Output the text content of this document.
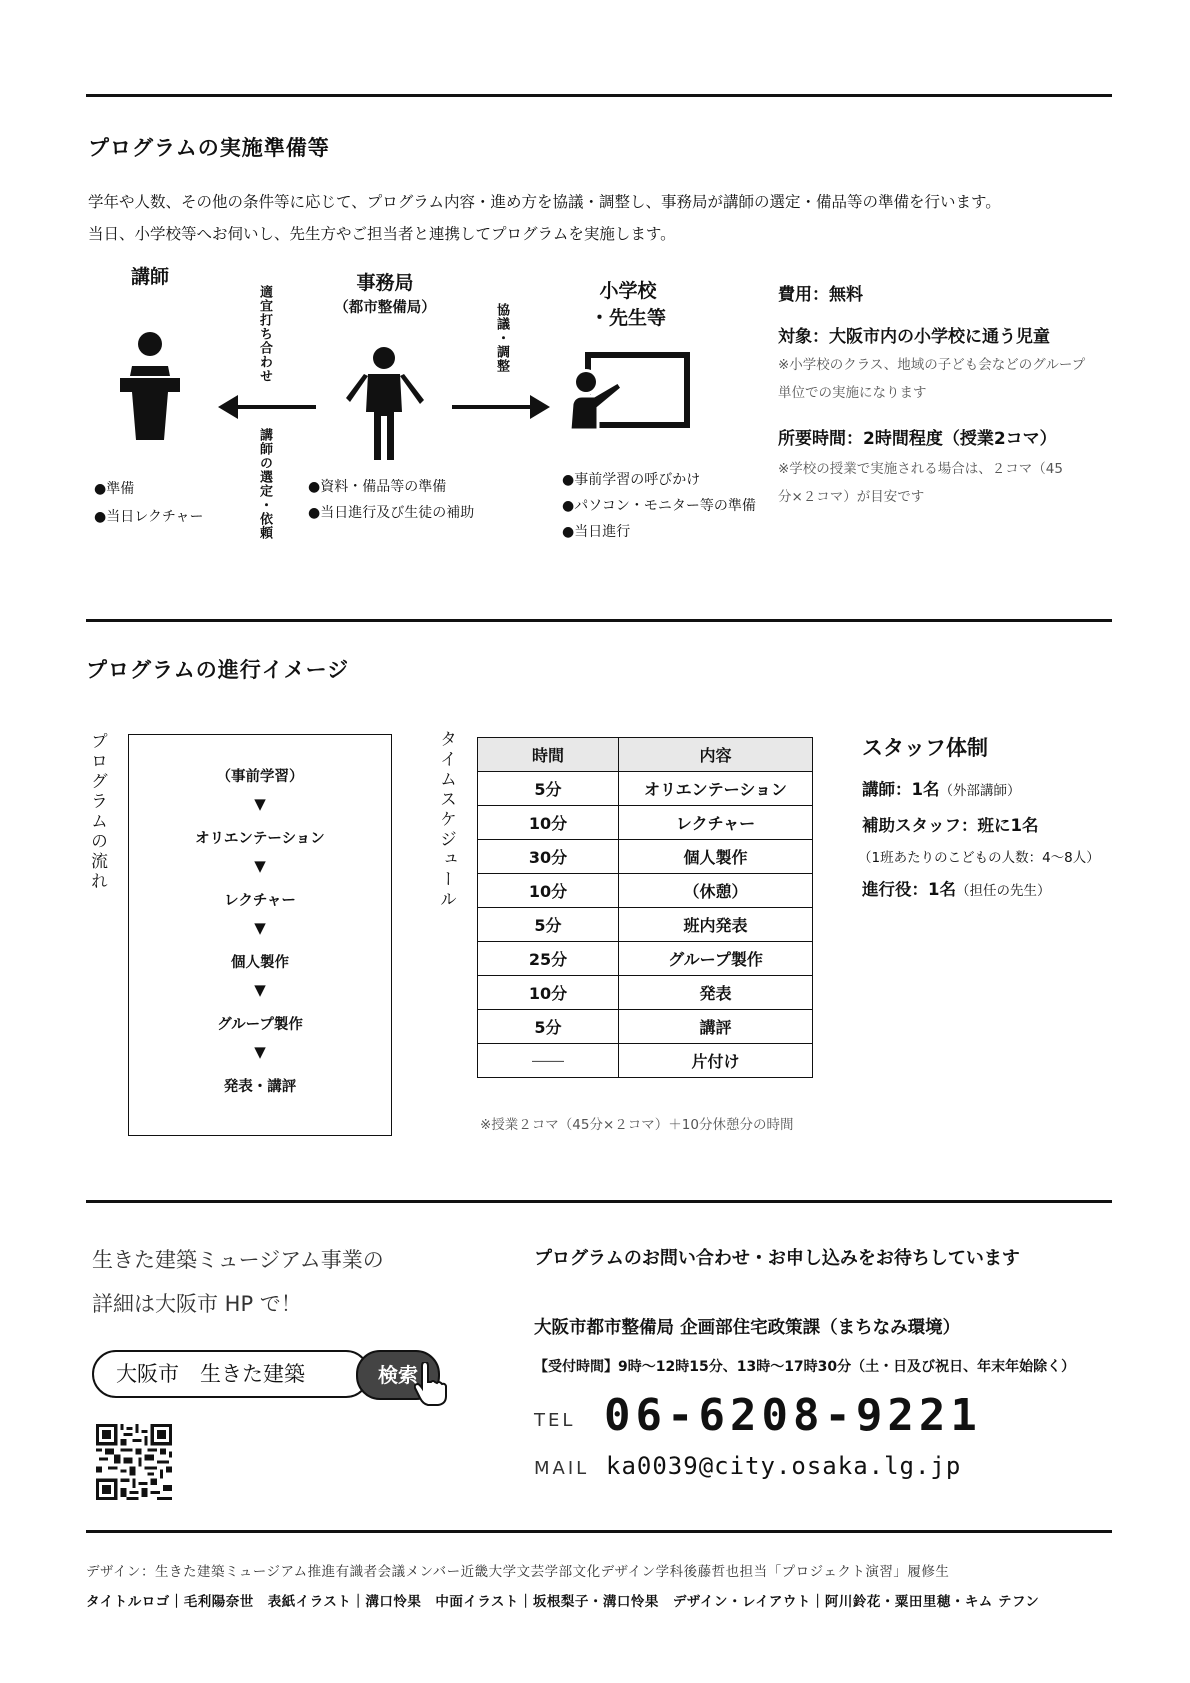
プログラムの実施準備等
学年や人数、その他の条件等に応じて、プログラム内容・進め方を協議・調整し、事務局が講師の選定・備品等の準備を行います。
当日、小学校等へお伺いし、先生方やご担当者と連携してプログラムを実施します。
講師
●準備
●当日レクチャー
適宜打ち合わせ
講師の選定・依頼
事務局
（都市整備局）
●資料・備品等の準備
●当日進行及び生徒の補助
協議・調整
小学校
・先生等
●事前学習の呼びかけ
●パソコン・モニター等の準備
●当日進行
費用：無料
対象：大阪市内の小学校に通う児童
※小学校のクラス、地域の子ども会などのグループ
単位での実施になります
所要時間：2時間程度（授業2コマ）
※学校の授業で実施される場合は、２コマ（45
分×２コマ）が目安です
プログラムの進行イメージ
プログラムの流れ	（事前学習）
▼
オリエンテーション
▼
レクチャー
▼
個人製作
▼
グループ製作
▼
発表・講評
タイムスケジュール	時間	内容
5分	オリエンテーション
10分	レクチャー
30分	個人製作
10分	（休憩）
5分	班内発表
25分	グループ製作
10分	発表
5分	講評
――	片付け
※授業２コマ（45分×２コマ）＋10分休憩分の時間
スタッフ体制
講師：1名（外部講師）
補助スタッフ：班に1名
（1班あたりのこどもの人数：4～8人）
進行役：1名（担任の先生）
生きた建築ミュージアム事業の
詳細は大阪市 HP で！
大阪市　生きた建築	検索
プログラムのお問い合わせ・お申し込みをお待ちしています
大阪市都市整備局 企画部住宅政策課（まちなみ環境）
【受付時間】9時～12時15分、13時～17時30分（土・日及び祝日、年末年始除く）
TEL 06-6208-9221
MAIL ka0039@city.osaka.lg.jp
デザイン：生きた建築ミュージアム推進有識者会議メンバー近畿大学文芸学部文化デザイン学科後藤哲也担当「プロジェクト演習」履修生
タイトルロゴ｜毛利陽奈世　表紙イラスト｜溝口怜果　中面イラスト｜坂根梨子・溝口怜果　デザイン・レイアウト｜阿川鈴花・粟田里穂・キム テフン
